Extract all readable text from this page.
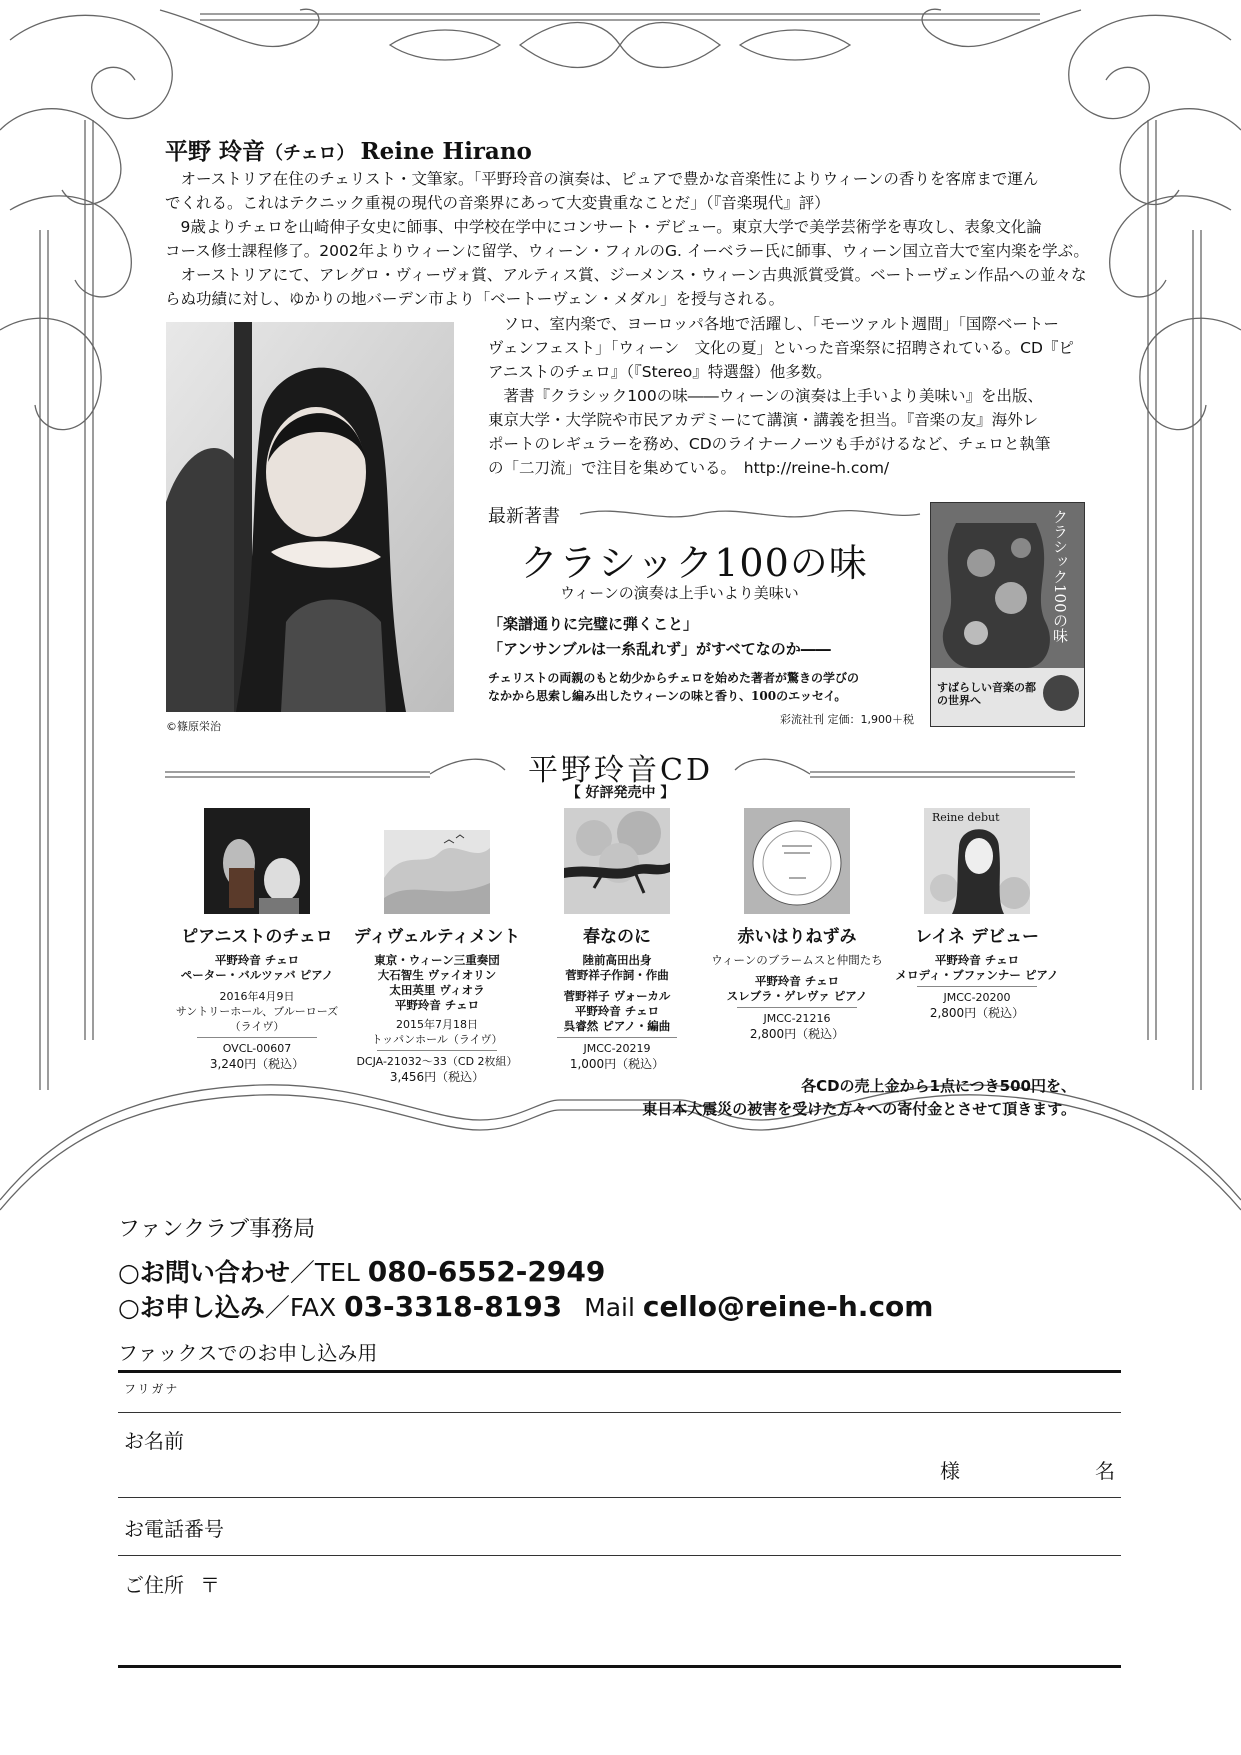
平野 玲音（チェロ） Reine Hirano

オーストリア在住のチェリスト・文筆家。「平野玲音の演奏は、ピュアで豊かな音楽性によりウィーンの香りを客席まで運ん

でくれる。これはテクニック重視の現代の音楽界にあって大変貴重なことだ」（『音楽現代』評）

9歳よりチェロを山崎伸子女史に師事、中学校在学中にコンサート・デビュー。東京大学で美学芸術学を専攻し、表象文化論

コース修士課程修了。2002年よりウィーンに留学、ウィーン・フィルのG. イーベラー氏に師事、ウィーン国立音大で室内楽を学ぶ。

オーストリアにて、アレグロ・ヴィーヴォ賞、アルティス賞、ジーメンス・ウィーン古典派賞受賞。ベートーヴェン作品への並々な

らぬ功績に対し、ゆかりの地バーデン市より「ベートーヴェン・メダル」を授与される。

©篠原栄治

ソロ、室内楽で、ヨーロッパ各地で活躍し、「モーツァルト週間」「国際ベートー

ヴェンフェスト」「ウィーン　文化の夏」といった音楽祭に招聘されている。CD『ピ

アニストのチェロ』（『Stereo』特選盤）他多数。

著書『クラシック100の味――ウィーンの演奏は上手いより美味い』を出版、

東京大学・大学院や市民アカデミーにて講演・講義を担当。『音楽の友』海外レ

ポートのレギュラーを務め、CDのライナーノーツも手がけるなど、チェロと執筆

の「二刀流」で注目を集めている。　http://reine-h.com/

最新著書
クラシック100の味
ウィーンの演奏は上手いより美味い
「楽譜通りに完璧に弾くこと」
「アンサンブルは一糸乱れず」がすべてなのか――
チェリストの両親のもと幼少からチェロを始めた著者が驚きの学びの
なかから思索し編み出したウィーンの味と香り、100のエッセイ。
彩流社刊 定価：1,900＋税
クラシック100の味
すばらしい音楽の都の世界へ
平野玲音CD
【 好評発売中 】
ピアニストのチェロ
平野玲音 チェロ
ペーター・バルツァバ ピアノ
2016年4月9日
サントリーホール、ブルーローズ（ライヴ）
OVCL-00607
3,240円（税込）
ディヴェルティメント
東京・ウィーン三重奏団
大石智生 ヴァイオリン
太田英里 ヴィオラ
平野玲音 チェロ
2015年7月18日
トッパンホール（ライヴ）
DCJA-21032～33（CD 2枚組）
3,456円（税込）
春なのに
陸前高田出身
菅野祥子作詞・作曲
菅野祥子 ヴォーカル
平野玲音 チェロ
呉睿然 ピアノ・編曲
JMCC-20219
1,000円（税込）
赤いはりねずみ
ウィーンのブラームスと仲間たち
平野玲音 チェロ
スレブラ・ゲレヴァ ピアノ
JMCC-21216
2,800円（税込）
Reine debut
レイネ デビュー
平野玲音 チェロ
メロディ・ブファンナー ピアノ
JMCC-20200
2,800円（税込）
各CDの売上金から1点につき500円を、
東日本大震災の被害を受けた方々への寄付金とさせて頂きます。
ファンクラブ事務局
○お問い合わせ／TEL 080-6552-2949
○お申し込み／FAX 03-3318-8193 Mail cello@reine-h.com
ファックスでのお申し込み用
フリガナ
お名前
様	名
お電話番号
ご住所 〒
